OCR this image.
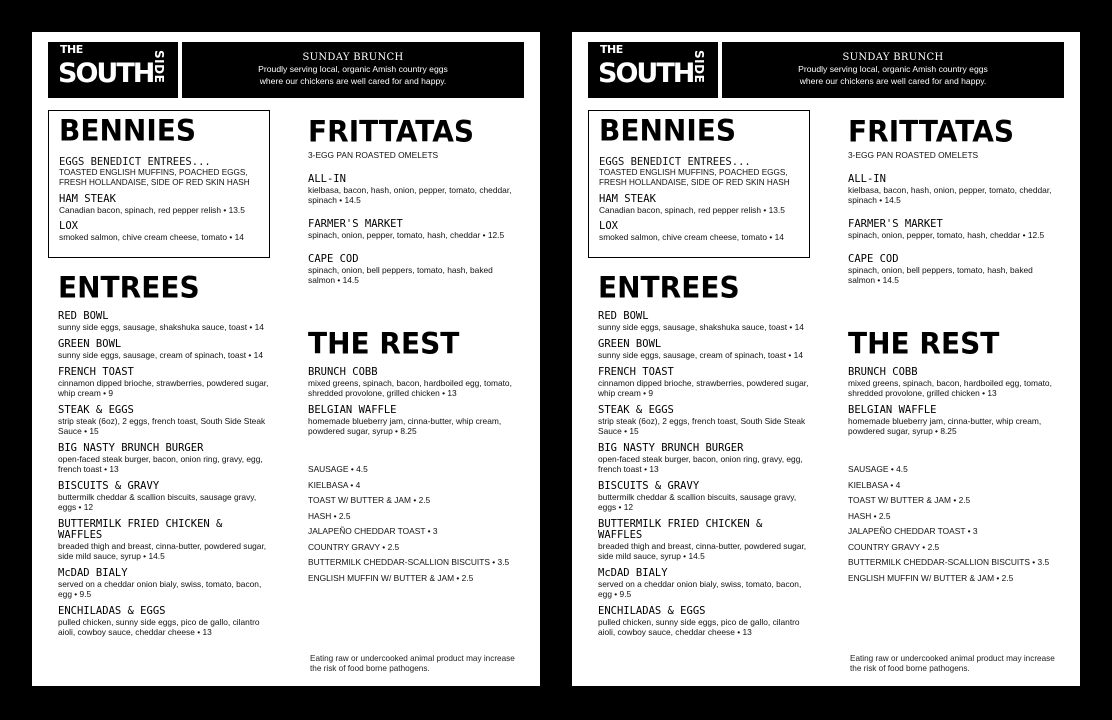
THE
SOUTH
SIDE	SUNDAY BRUNCH
Proudly serving local, organic Amish country eggs
where our chickens are well cared for and happy.
BENNIES
EGGS BENEDICT ENTREES...
TOASTED ENGLISH MUFFINS, POACHED EGGS, FRESH HOLLANDAISE, SIDE OF RED SKIN HASH
HAM STEAK
Canadian bacon, spinach, red pepper relish • 13.5
LOX
smoked salmon, chive cream cheese, tomato • 14
ENTREES
RED BOWL
sunny side eggs, sausage, shakshuka sauce, toast • 14
GREEN BOWL
sunny side eggs, sausage, cream of spinach, toast • 14
FRENCH TOAST
cinnamon dipped brioche, strawberries, powdered sugar, whip cream • 9
STEAK & EGGS
strip steak (6oz), 2 eggs, french toast, South Side Steak Sauce • 15
BIG NASTY BRUNCH BURGER
open-faced steak burger, bacon, onion ring, gravy, egg, french toast • 13
BISCUITS & GRAVY
buttermilk cheddar & scallion biscuits, sausage gravy, eggs • 12
BUTTERMILK FRIED CHICKEN & WAFFLES
breaded thigh and breast, cinna-butter, powdered sugar, side mild sauce, syrup • 14.5
McDAD BIALY
served on a cheddar onion bialy, swiss, tomato, bacon, egg • 9.5
ENCHILADAS & EGGS
pulled chicken, sunny side eggs, pico de gallo, cilantro aioli, cowboy sauce, cheddar cheese • 13
FRITTATAS
3-EGG PAN ROASTED OMELETS
ALL-IN
kielbasa, bacon, hash, onion, pepper, tomato, cheddar, spinach • 14.5
FARMER'S MARKET
spinach, onion, pepper, tomato, hash, cheddar • 12.5
CAPE COD
spinach, onion, bell peppers, tomato, hash, baked salmon • 14.5
THE REST
BRUNCH COBB
mixed greens, spinach, bacon, hardboiled egg, tomato, shredded provolone, grilled chicken • 13
BELGIAN WAFFLE
homemade blueberry jam, cinna-butter, whip cream, powdered sugar, syrup • 8.25
SAUSAGE • 4.5
KIELBASA • 4
TOAST W/ BUTTER & JAM • 2.5
HASH • 2.5
JALAPEÑO CHEDDAR TOAST • 3
COUNTRY GRAVY • 2.5
BUTTERMILK CHEDDAR-SCALLION BISCUITS • 3.5
ENGLISH MUFFIN W/ BUTTER & JAM • 2.5
Eating raw or undercooked animal product may increase the risk of food borne pathogens.
THE
SOUTH
SIDE	SUNDAY BRUNCH
Proudly serving local, organic Amish country eggs
where our chickens are well cared for and happy.
BENNIES
EGGS BENEDICT ENTREES...
TOASTED ENGLISH MUFFINS, POACHED EGGS, FRESH HOLLANDAISE, SIDE OF RED SKIN HASH
HAM STEAK
Canadian bacon, spinach, red pepper relish • 13.5
LOX
smoked salmon, chive cream cheese, tomato • 14
ENTREES
RED BOWL
sunny side eggs, sausage, shakshuka sauce, toast • 14
GREEN BOWL
sunny side eggs, sausage, cream of spinach, toast • 14
FRENCH TOAST
cinnamon dipped brioche, strawberries, powdered sugar, whip cream • 9
STEAK & EGGS
strip steak (6oz), 2 eggs, french toast, South Side Steak Sauce • 15
BIG NASTY BRUNCH BURGER
open-faced steak burger, bacon, onion ring, gravy, egg, french toast • 13
BISCUITS & GRAVY
buttermilk cheddar & scallion biscuits, sausage gravy, eggs • 12
BUTTERMILK FRIED CHICKEN & WAFFLES
breaded thigh and breast, cinna-butter, powdered sugar, side mild sauce, syrup • 14.5
McDAD BIALY
served on a cheddar onion bialy, swiss, tomato, bacon, egg • 9.5
ENCHILADAS & EGGS
pulled chicken, sunny side eggs, pico de gallo, cilantro aioli, cowboy sauce, cheddar cheese • 13
FRITTATAS
3-EGG PAN ROASTED OMELETS
ALL-IN
kielbasa, bacon, hash, onion, pepper, tomato, cheddar, spinach • 14.5
FARMER'S MARKET
spinach, onion, pepper, tomato, hash, cheddar • 12.5
CAPE COD
spinach, onion, bell peppers, tomato, hash, baked salmon • 14.5
THE REST
BRUNCH COBB
mixed greens, spinach, bacon, hardboiled egg, tomato, shredded provolone, grilled chicken • 13
BELGIAN WAFFLE
homemade blueberry jam, cinna-butter, whip cream, powdered sugar, syrup • 8.25
SAUSAGE • 4.5
KIELBASA • 4
TOAST W/ BUTTER & JAM • 2.5
HASH • 2.5
JALAPEÑO CHEDDAR TOAST • 3
COUNTRY GRAVY • 2.5
BUTTERMILK CHEDDAR-SCALLION BISCUITS • 3.5
ENGLISH MUFFIN W/ BUTTER & JAM • 2.5
Eating raw or undercooked animal product may increase the risk of food borne pathogens.
